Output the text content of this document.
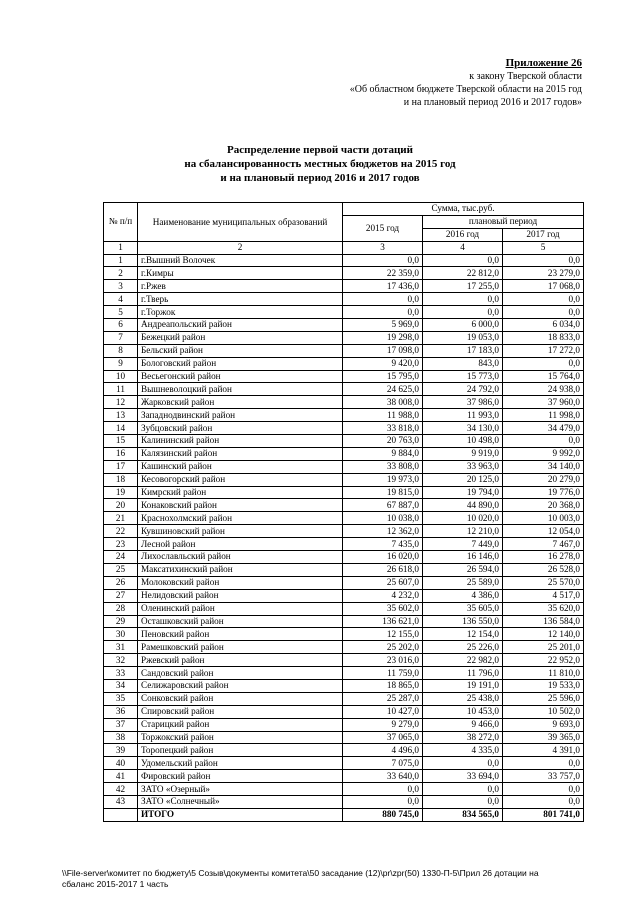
Приложение 26
к закону Тверской области
«Об областном бюджете Тверской области на 2015 год
и на плановый период 2016 и 2017 годов»
Распределение первой части дотаций
на сбалансированность местных бюджетов на 2015 год
и на плановый период 2016 и 2017 годов
№ п/п	Наименование муниципальных образований	Сумма, тыс.руб.		
		2015 год	плановый период	
			2016 год	2017 год
1	2	3	4	5
1	г.Вышний Волочек	0,0	0,0	0,0
2	г.Кимры	22 359,0	22 812,0	23 279,0
3	г.Ржев	17 436,0	17 255,0	17 068,0
4	г.Тверь	0,0	0,0	0,0
5	г.Торжок	0,0	0,0	0,0
6	Андреапольский район	5 969,0	6 000,0	6 034,0
7	Бежецкий район	19 298,0	19 053,0	18 833,0
8	Бельский район	17 098,0	17 183,0	17 272,0
9	Бологовский район	9 420,0	843,0	0,0
10	Весьегонский район	15 795,0	15 773,0	15 764,0
11	Вышневолоцкий район	24 625,0	24 792,0	24 938,0
12	Жарковский район	38 008,0	37 986,0	37 960,0
13	Западнодвинский район	11 988,0	11 993,0	11 998,0
14	Зубцовский район	33 818,0	34 130,0	34 479,0
15	Калининский район	20 763,0	10 498,0	0,0
16	Калязинский район	9 884,0	9 919,0	9 992,0
17	Кашинский район	33 808,0	33 963,0	34 140,0
18	Кесовогорский район	19 973,0	20 125,0	20 279,0
19	Кимрский район	19 815,0	19 794,0	19 776,0
20	Конаковский район	67 887,0	44 890,0	20 368,0
21	Краснохолмский район	10 038,0	10 020,0	10 003,0
22	Кувшиновский район	12 362,0	12 210,0	12 054,0
23	Лесной район	7 435,0	7 449,0	7 467,0
24	Лихославльский район	16 020,0	16 146,0	16 278,0
25	Максатихинский район	26 618,0	26 594,0	26 528,0
26	Молоковский район	25 607,0	25 589,0	25 570,0
27	Нелидовский район	4 232,0	4 386,0	4 517,0
28	Оленинский район	35 602,0	35 605,0	35 620,0
29	Осташковский район	136 621,0	136 550,0	136 584,0
30	Пеновский район	12 155,0	12 154,0	12 140,0
31	Рамешковский район	25 202,0	25 226,0	25 201,0
32	Ржевский район	23 016,0	22 982,0	22 952,0
33	Сандовский район	11 759,0	11 796,0	11 810,0
34	Селижаровский район	18 865,0	19 191,0	19 533,0
35	Сонковский район	25 287,0	25 438,0	25 596,0
36	Спировский район	10 427,0	10 453,0	10 502,0
37	Старицкий район	9 279,0	9 466,0	9 693,0
38	Торжокский район	37 065,0	38 272,0	39 365,0
39	Торопецкий район	4 496,0	4 335,0	4 391,0
40	Удомельский район	7 075,0	0,0	0,0
41	Фировский район	33 640,0	33 694,0	33 757,0
42	ЗАТО «Озерный»	0,0	0,0	0,0
43	ЗАТО «Солнечный»	0,0	0,0	0,0
	ИТОГО	880 745,0	834 565,0	801 741,0
\\File-server\комитет по бюджету\5 Созыв\документы комитета\50 засадание (12)\pr\zpr(50) 1330-П-5\Прил 26 дотации на
сбаланс 2015-2017 1 часть
